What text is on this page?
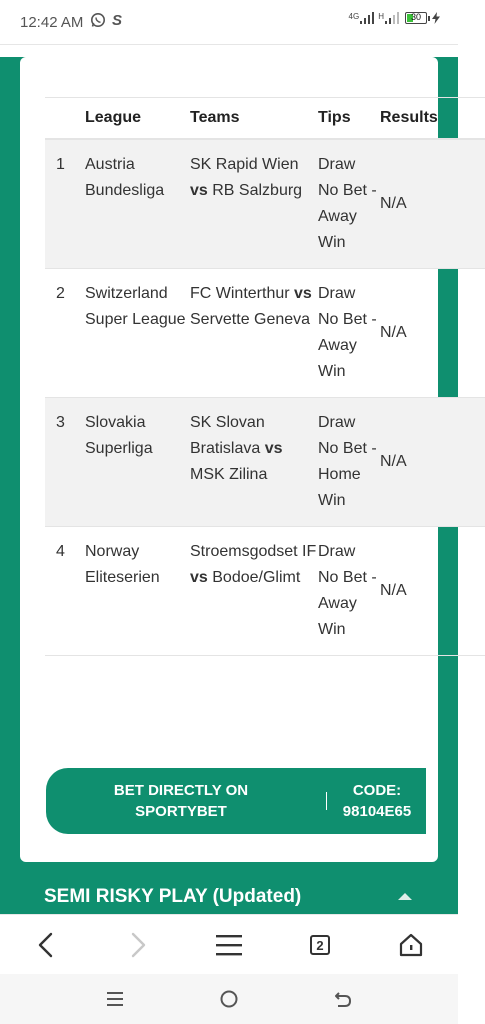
12:42 AM S	4G H	30
	League	Teams	Tips	Results
1	Austria Bundesliga	SK Rapid Wien vs RB Salzburg	Draw No Bet - Away Win	N/A
2	Switzerland Super League	FC Winterthur vs Servette Geneva	Draw No Bet - Away Win	N/A
3	Slovakia Superliga	SK Slovan Bratislava vs MSK Zilina	Draw No Bet - Home Win	N/A
4	Norway Eliteserien	Stroemsgodset IF vs Bodoe/Glimt	Draw No Bet - Away Win	N/A
BET DIRECTLY ON
SPORTYBET
CODE:
98104E65
SEMI RISKY PLAY (Updated)
2
